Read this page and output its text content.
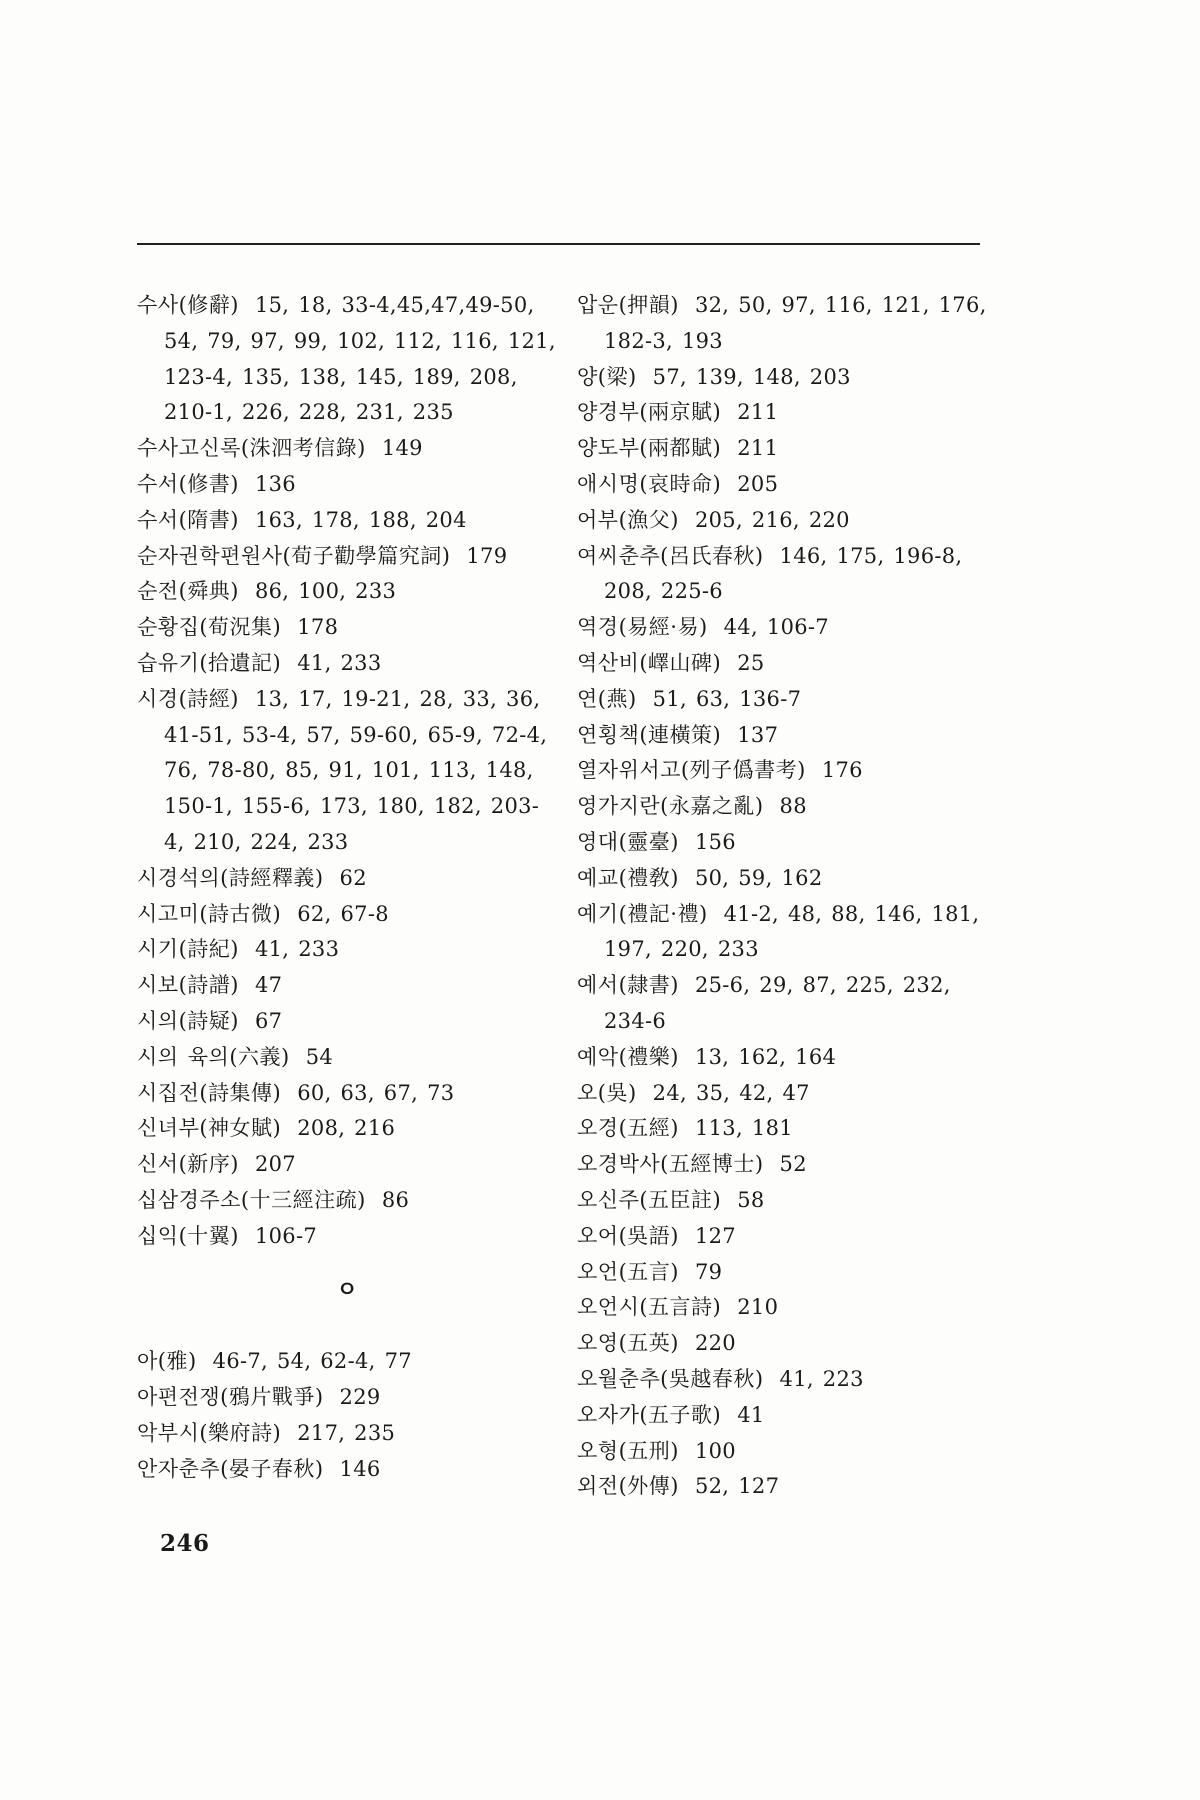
수사(修辭) 15, 18, 33-4,45,47,49-50, 54, 79, 97, 99, 102, 112, 116, 121, 123-4, 135, 138, 145, 189, 208, 210-1, 226, 228, 231, 235
수사고신록(洙泗考信錄) 149
수서(修書) 136
수서(隋書) 163, 178, 188, 204
순자권학편원사(荀子勸學篇究詞) 179
순전(舜典) 86, 100, 233
순황집(荀況集) 178
습유기(拾遺記) 41, 233
시경(詩經) 13, 17, 19-21, 28, 33, 36, 41-51, 53-4, 57, 59-60, 65-9, 72-4, 76, 78-80, 85, 91, 101, 113, 148, 150-1, 155-6, 173, 180, 182, 203-4, 210, 224, 233
시경석의(詩經釋義) 62
시고미(詩古微) 62, 67-8
시기(詩紀) 41, 233
시보(詩譜) 47
시의(詩疑) 67
시의 육의(六義) 54
시집전(詩集傳) 60, 63, 67, 73
신녀부(神女賦) 208, 216
신서(新序) 207
십삼경주소(十三經注疏) 86
십익(十翼) 106-7
ㅇ
아(雅) 46-7, 54, 62-4, 77
아편전쟁(鴉片戰爭) 229
악부시(樂府詩) 217, 235
안자춘추(晏子春秋) 146
압운(押韻) 32, 50, 97, 116, 121, 176, 182-3, 193
양(梁) 57, 139, 148, 203
양경부(兩京賦) 211
양도부(兩都賦) 211
애시명(哀時命) 205
어부(漁父) 205, 216, 220
여씨춘추(呂氏春秋) 146, 175, 196-8, 208, 225-6
역경(易經·易) 44, 106-7
역산비(嶧山碑) 25
연(燕) 51, 63, 136-7
연횡책(連橫策) 137
열자위서고(列子僞書考) 176
영가지란(永嘉之亂) 88
영대(靈臺) 156
예교(禮敎) 50, 59, 162
예기(禮記·禮) 41-2, 48, 88, 146, 181, 197, 220, 233
예서(隷書) 25-6, 29, 87, 225, 232, 234-6
예악(禮樂) 13, 162, 164
오(吳) 24, 35, 42, 47
오경(五經) 113, 181
오경박사(五經博士) 52
오신주(五臣註) 58
오어(吳語) 127
오언(五言) 79
오언시(五言詩) 210
오영(五英) 220
오월춘추(吳越春秋) 41, 223
오자가(五子歌) 41
오형(五刑) 100
외전(外傳) 52, 127
246
